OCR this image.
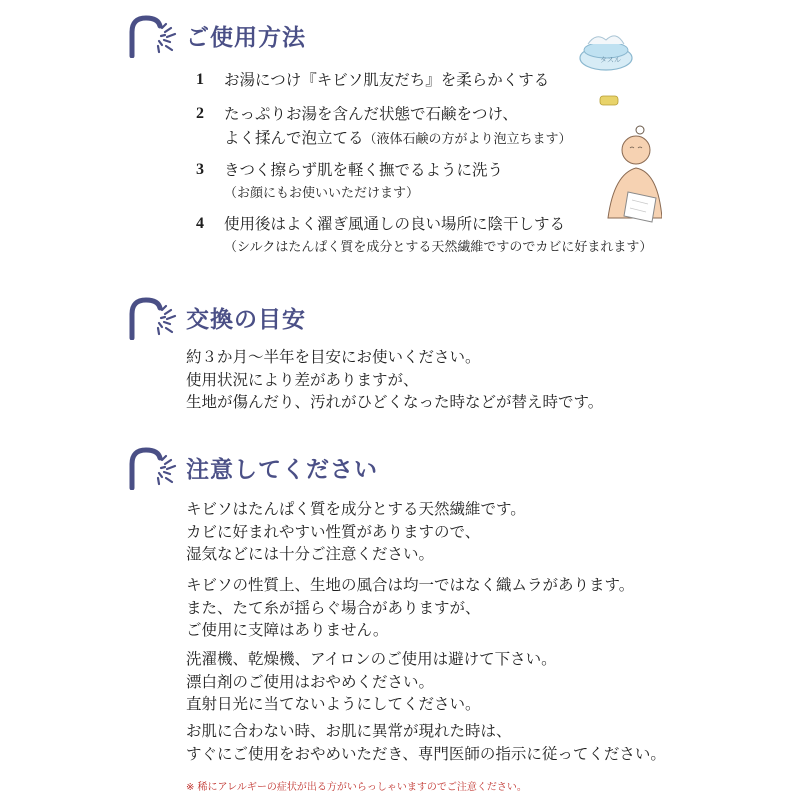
ご使用方法
1	お湯につけ『キビソ肌友だち』を柔らかくする
2	たっぷりお湯を含んだ状態で石鹸をつけ、
よく揉んで泡立てる（液体石鹸の方がより泡立ちます）
3	きつく擦らず肌を軽く撫でるように洗う
（お顔にもお使いいただけます）
4	使用後はよく濯ぎ風通しの良い場所に陰干しする
（シルクはたんぱく質を成分とする天然繊維ですのでカビに好まれます）
タスル
交換の目安
約３か月～半年を目安にお使いください。
使用状況により差がありますが、
生地が傷んだり、汚れがひどくなった時などが替え時です。
注意してください
キビソはたんぱく質を成分とする天然繊維です。
カビに好まれやすい性質がありますので、
湿気などには十分ご注意ください。
キビソの性質上、生地の風合は均一ではなく織ムラがあります。
また、たて糸が揺らぐ場合がありますが、
ご使用に支障はありません。
洗濯機、乾燥機、アイロンのご使用は避けて下さい。
漂白剤のご使用はおやめください。
直射日光に当てないようにしてください。
お肌に合わない時、お肌に異常が現れた時は、
すぐにご使用をおやめいただき、専門医師の指示に従ってください。
※ 稀にアレルギーの症状が出る方がいらっしゃいますのでご注意ください。
